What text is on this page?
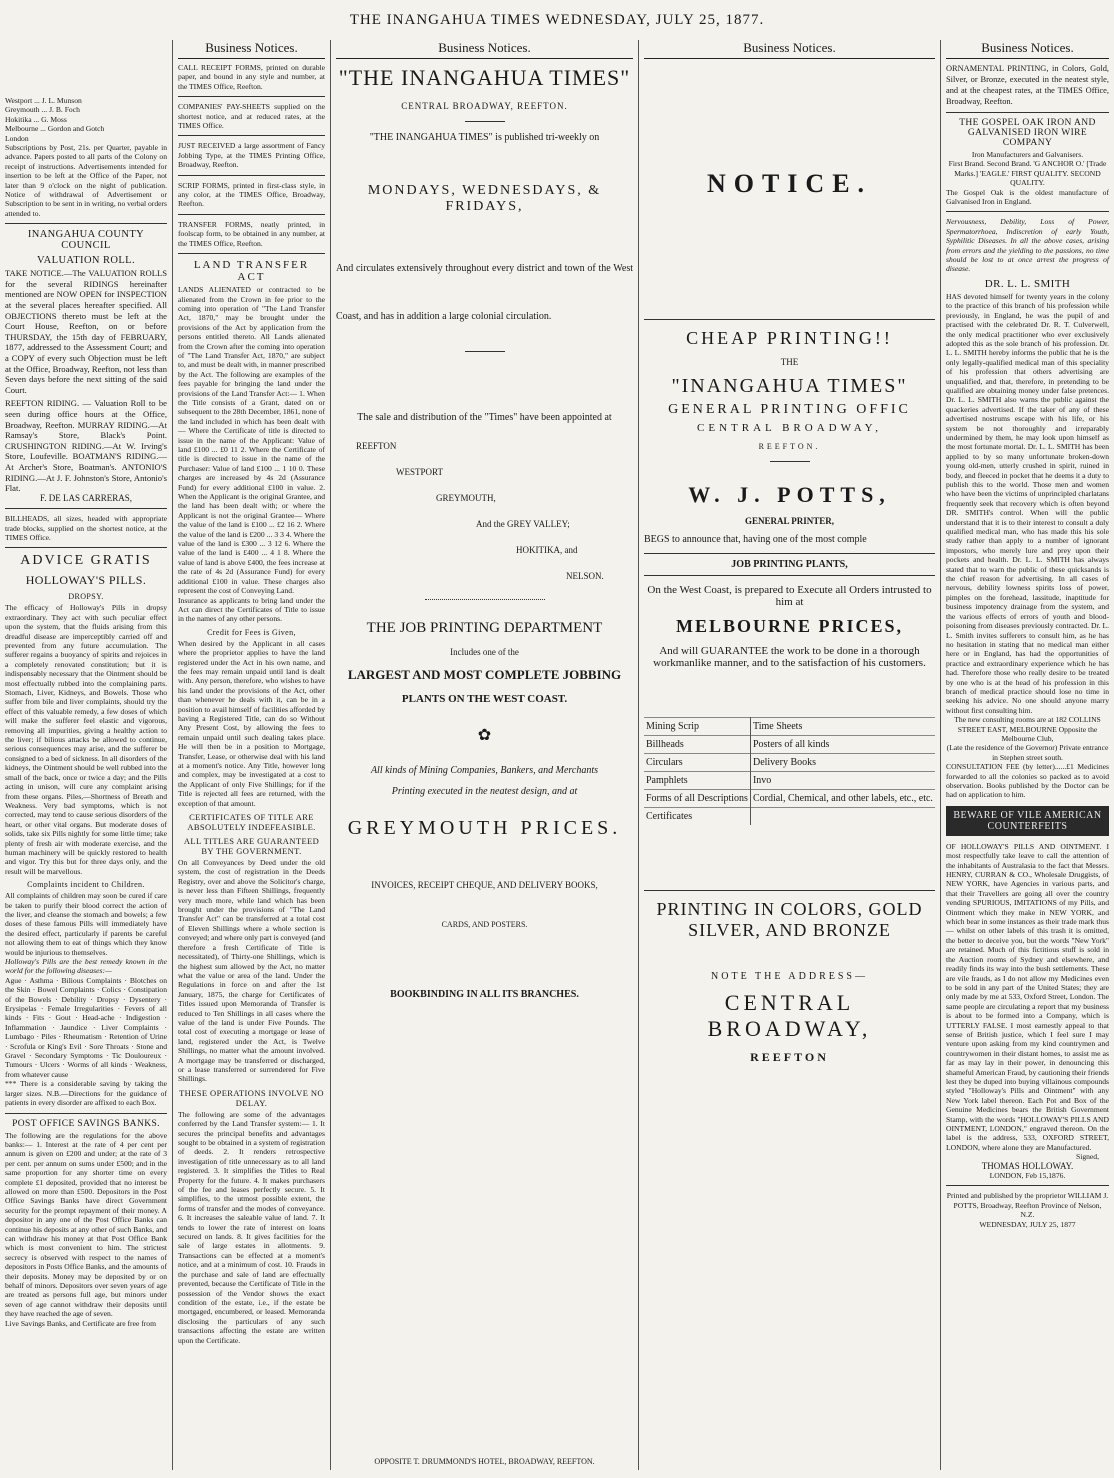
THE INANGAHUA TIMES WEDNESDAY, JULY 25, 1877.
Westport ... J. L. Munson
Greymouth ... J. B. Foch
Hokitika ... G. Moss
Melbourne ... Gordon and Gotch
London
Subscriptions by Post, 21s. per Quarter, payable in advance. Papers posted to all parts of the Colony on receipt of instructions. Advertisements intended for insertion to be left at the Office of the Paper, not later than 9 o'clock on the night of publication. Notice of withdrawal of Advertisement or Subscription to be sent in in writing, no verbal orders attended to.
INANGAHUA COUNTY COUNCIL
VALUATION ROLL.
TAKE NOTICE.—The VALUATION ROLLS for the several RIDINGS hereinafter mentioned are NOW OPEN for INSPECTION at the several places hereafter specified. All OBJECTIONS thereto must be left at the Court House, Reefton, on or before THURSDAY, the 15th day of FEBRUARY, 1877, addressed to the Assessment Court; and a COPY of every such Objection must be left at the Office, Broadway, Reefton, not less than Seven days before the next sitting of the said Court.
REEFTON RIDING. — Valuation Roll to be seen during office hours at the Office, Broadway, Reefton. MURRAY RIDING.—At Ramsay's Store, Black's Point. CRUSHINGTON RIDING.—At W. Irving's Store, Loufeville. BOATMAN'S RIDING.—At Archer's Store, Boatman's. ANTONIO'S RIDING.—At J. F. Johnston's Store, Antonio's Flat.
F. DE LAS CARRERAS,
BILLHEADS, all sizes, headed with appropriate trade blocks, supplied on the shortest notice, at the TIMES Office.
ADVICE GRATIS
HOLLOWAY'S PILLS.
DROPSY.
The efficacy of Holloway's Pills in dropsy extraordinary. They act with such peculiar effect upon the system, that the fluids arising from this dreadful disease are imperceptibly carried off and prevented from any future accumulation. The sufferer regains a buoyancy of spirits and rejoices in a completely renovated constitution; but it is indispensably necessary that the Ointment should be most effectually rubbed into the complaining parts. Stomach, Liver, Kidneys, and Bowels. Those who suffer from bile and liver complaints, should try the effect of this valuable remedy, a few doses of which will make the sufferer feel elastic and vigorous, removing all impurities, giving a healthy action to the liver; if bilious attacks be allowed to continue, serious consequences may arise, and the sufferer be consigned to a bed of sickness. In all disorders of the kidneys, the Ointment should be well rubbed into the small of the back, once or twice a day; and the Pills acting in unison, will cure any complaint arising from these organs. Piles,—Shortness of Breath and Weakness. Very bad symptoms, which is not corrected, may tend to cause serious disorders of the heart, or other vital organs. But moderate doses of solids, take six Pills nightly for some little time; take plenty of fresh air with moderate exercise, and the human machinery will be quickly restored to health and vigor. Try this but for three days only, and the result will be marvellous.
Complaints incident to Children.
All complaints of children may soon be cured if care be taken to purify their blood correct the action of the liver, and cleanse the stomach and bowels; a few doses of these famous Pills will immediately have the desired effect, particularly if parents be careful not allowing them to eat of things which they know would be injurious to themselves.
Holloway's Pills are the best remedy known in the world for the following diseases:—
Ague · Asthma · Bilious Complaints · Blotches on the Skin · Bowel Complaints · Colics · Constipation of the Bowels · Debility · Dropsy · Dysentery · Erysipelas · Female Irregularities · Fevers of all kinds · Fits · Gout · Head-ache · Indigestion · Inflammation · Jaundice · Liver Complaints · Lumbago · Piles · Rheumatism · Retention of Urine · Scrofula or King's Evil · Sore Throats · Stone and Gravel · Secondary Symptoms · Tic Douloureux · Tumours · Ulcers · Worms of all kinds · Weakness, from whatever cause
*** There is a considerable saving by taking the larger sizes. N.B.—Directions for the guidance of patients in every disorder are affixed to each Box.
POST OFFICE SAVINGS BANKS.
The following are the regulations for the above banks:— 1. Interest at the rate of 4 per cent per annum is given on £200 and under; at the rate of 3 per cent. per annum on sums under £500; and in the same proportion for any shorter time on every complete £1 deposited, provided that no interest be allowed on more than £500. Depositors in the Post Office Savings Banks have direct Government security for the prompt repayment of their money. A depositor in any one of the Post Office Banks can continue his deposits at any other of such Banks, and can withdraw his money at that Post Office Bank which is most convenient to him. The strictest secrecy is observed with respect to the names of depositors in Posts Office Banks, and the amounts of their deposits. Money may be deposited by or on behalf of minors. Depositors over seven years of age are treated as persons full age, but minors under seven of age cannot withdraw their deposits until they have reached the age of seven.
Live Savings Banks, and Certificate are free from
Business Notices.
CALL RECEIPT FORMS, printed on durable paper, and bound in any style and number, at the TIMES Office, Reefton.
COMPANIES' PAY-SHEETS supplied on the shortest notice, and at reduced rates, at the TIMES Office.
JUST RECEIVED a large assortment of Fancy Jobbing Type, at the TIMES Printing Office, Broadway, Reefton.
SCRIP FORMS, printed in first-class style, in any color, at the TIMES Office, Broadway, Reefton.
TRANSFER FORMS, neatly printed, in foolscap form, to be obtained in any number, at the TIMES Office, Reefton.
LAND TRANSFER ACT
LANDS ALIENATED or contracted to be alienated from the Crown in fee prior to the coming into operation of "The Land Transfer Act, 1870," may be brought under the provisions of the Act by application from the persons entitled thereto. All Lands alienated from the Crown after the coming into operation of "The Land Transfer Act, 1870," are subject to, and must be dealt with, in manner prescribed by the Act. The following are examples of the fees payable for bringing the land under the provisions of the Land Transfer Act:— 1. When the Title consists of a Grant, dated on or subsequent to the 28th December, 1861, none of the land included in which has been dealt with— Where the Certificate of title is directed to issue in the name of the Applicant: Value of land £100 ... £0 11 2. Where the Certificate of title is directed to issue in the name of the Purchaser: Value of land £100 ... 1 10 0. These charges are increased by 4s 2d (Assurance Fund) for every additional £100 in value. 2. When the Applicant is the original Grantee, and the land has been dealt with; or where the Applicant is not the original Grantee— Where the value of the land is £100 ... £2 16 2. Where the value of the land is £200 ... 3 3 4. Where the value of the land is £300 ... 3 12 6. Where the value of the land is £400 ... 4 1 8. Where the value of land is above £400, the fees increase at the rate of 4s 2d (Assurance Fund) for every additional £100 in value. These charges also represent the cost of Conveying Land.
Insurance as applicants to bring land under the Act can direct the Certificates of Title to issue in the names of any other persons.
Credit for Fees is Given,
When desired by the Applicant in all cases where the proprietor applies to have the land registered under the Act in his own name, and the fees may remain unpaid until land is dealt with. Any person, therefore, who wishes to have his land under the provisions of the Act, other than whenever he deals with it, can be in a position to avail himself of facilities afforded by having a Registered Title, can do so Without Any Present Cost, by allowing the fees to remain unpaid until such dealing takes place. He will then be in a position to Mortgage, Transfer, Lease, or otherwise deal with his land at a moment's notice. Any Title, however long and complex, may be investigated at a cost to the Applicant of only Five Shillings; for if the Title is rejected all fees are returned, with the exception of that amount.
CERTIFICATES OF TITLE ARE ABSOLUTELY INDEFEASIBLE.
ALL TITLES ARE GUARANTEED BY THE GOVERNMENT.
On all Conveyances by Deed under the old system, the cost of registration in the Deeds Registry, over and above the Solicitor's charge, is never less than Fifteen Shillings, frequently very much more, while land which has been brought under the provisions of "The Land Transfer Act" can be transferred at a total cost of Eleven Shillings where a whole section is conveyed; and where only part is conveyed (and therefore a fresh Certificate of Title is necessitated), of Thirty-one Shillings, which is the highest sum allowed by the Act, no matter what the value or area of the land. Under the Regulations in force on and after the 1st January, 1875, the charge for Certificates of Titles issued upon Memoranda of Transfer is reduced to Ten Shillings in all cases where the value of the land is under Five Pounds. The total cost of executing a mortgage or lease of land, registered under the Act, is Twelve Shillings, no matter what the amount involved. A mortgage may be transferred or discharged, or a lease transferred or surrendered for Five Shillings.
THESE OPERATIONS INVOLVE NO DELAY.
The following are some of the advantages conferred by the Land Transfer system:— 1. It secures the principal benefits and advantages sought to be obtained in a system of registration of deeds. 2. It renders retrospective investigation of title unnecessary as to all land registered. 3. It simplifies the Titles to Real Property for the future. 4. It makes purchasers of the fee and leases perfectly secure. 5. It simplifies, to the utmost possible extent, the forms of transfer and the modes of conveyance. 6. It increases the saleable value of land. 7. It tends to lower the rate of interest on loans secured on lands. 8. It gives facilities for the sale of large estates in allotments. 9. Transactions can be effected at a moment's notice, and at a minimum of cost. 10. Frauds in the purchase and sale of land are effectually prevented, because the Certificate of Title in the possession of the Vendor shows the exact condition of the estate, i.e., if the estate be mortgaged, encumbered, or leased. Memoranda disclosing the particulars of any such transactions affecting the estate are written upon the Certificate.
Business Notices.
"THE INANGAHUA TIMES"
CENTRAL BROADWAY, REEFTON.
"THE INANGAHUA TIMES" is published tri-weekly on
MONDAYS, WEDNESDAYS, & FRIDAYS,
And circulates extensively throughout every district and town of the West Coast, and has in addition a large colonial circulation.
The sale and distribution of the "Times" have been appointed at
REEFTON
WESTPORT
GREYMOUTH,
And the GREY VALLEY;
HOKITIKA, and
NELSON.
THE JOB PRINTING DEPARTMENT
Includes one of the
LARGEST AND MOST COMPLETE JOBBING
PLANTS ON THE WEST COAST.
✿
All kinds of Mining Companies, Bankers, and Merchants
Printing executed in the neatest design, and at
GREYMOUTH PRICES.
INVOICES, RECEIPT CHEQUE, AND DELIVERY BOOKS,
CARDS, AND POSTERS.
BOOKBINDING IN ALL ITS BRANCHES.
OPPOSITE T. DRUMMOND'S HOTEL, BROADWAY, REEFTON.
Business Notices.
NOTICE.
CHEAP PRINTING!!
THE
"INANGAHUA TIMES"
GENERAL PRINTING OFFIC
CENTRAL BROADWAY,
REEFTON.
W. J. POTTS,
GENERAL PRINTER,
BEGS to announce that, having one of the most comple
JOB PRINTING PLANTS,
On the West Coast, is prepared to Execute all Orders intrusted to him at
MELBOURNE PRICES,
And will GUARANTEE the work to be done in a thorough workmanlike manner, and to the satisfaction of his customers.
Mining Scrip	Time Sheets
Billheads	Posters of all kinds
Circulars	Delivery Books
Pamphlets	Invo
Forms of all Descriptions	Cordial, Chemical, and other labels, etc., etc.
Certificates	
PRINTING IN COLORS, GOLD SILVER, AND BRONZE
NOTE THE ADDRESS—
CENTRAL BROADWAY,
REEFTON
Business Notices.
ORNAMENTAL PRINTING, in Colors, Gold, Silver, or Bronze, executed in the neatest style, and at the cheapest rates, at the TIMES Office, Broadway, Reefton.
THE GOSPEL OAK IRON AND GALVANISED IRON WIRE COMPANY
Iron Manufacturers and Galvanisers.
First Brand. Second Brand. 'G ANCHOR O.' [Trade Marks.] 'EAGLE.' FIRST QUALITY. SECOND QUALITY.
The Gospel Oak is the oldest manufacture of Galvanised Iron in England.
Nervousness, Debility, Loss of Power, Spermatorrhoea, Indiscretion of early Youth, Syphilitic Diseases. In all the above cases, arising from errors and the yielding to the passions, no time should be lost to at once arrest the progress of disease.
DR. L. L. SMITH
HAS devoted himself for twenty years in the colony to the practice of this branch of his profession while previously, in England, he was the pupil of and practised with the celebrated Dr. R. T. Culverwell, the only medical practitioner who ever exclusively adopted this as the sole branch of his profession. Dr. L. L. SMITH hereby informs the public that he is the only legally-qualified medical man of this speciality of his profession that others advertising are unqualified, and that, therefore, in pretending to be qualified are obtaining money under false pretences. Dr. L. L. SMITH also warns the public against the quackeries advertised. If the taker of any of these advertised nostrums escape with his life, or his system be not thoroughly and irreparably undermined by them, he may look upon himself as the most fortunate mortal. Dr. L. L. SMITH has been applied to by so many unfortunate broken-down young old-men, utterly crushed in spirit, ruined in body, and fleeced in pocket that he deems it a duty to publish this to the world. Those men and women who have been the victims of unprincipled charlatans frequently seek that recovery which is often beyond DR. SMITH's control. When will the public understand that it is to their interest to consult a duly qualified medical man, who has made this his sole study rather than apply to a number of ignorant impostors, who merely lure and prey upon their pockets and health. Dr. L. L. SMITH has always stated that to warn the public of these quicksands is the chief reason for advertising. In all cases of nervous, debility lowness spirits loss of power, pimples on the forehead, lassitude, inaptitude for business impotency drainage from the system, and the various effects of errors of youth and blood-poisoning from diseases previously contracted. Dr. L. L. Smith invites sufferers to consult him, as he has no hesitation in stating that no medical man either here or in England, has had the opportunities of practice and extraordinary experience which he has had. Therefore those who really desire to be treated by one who is at the head of his profession in this branch of medical practice should lose no time in seeking his advice. No one should anyone marry without first consulting him.
The new consulting rooms are at 182 COLLINS STREET EAST, MELBOURNE Opposite the Melbourne Club,
(Late the residence of the Governor) Private entrance in Stephen street south.
CONSULTATION FEE (by letter)......£1 Medicines forwarded to all the colonies so packed as to avoid observation. Books published by the Doctor can be had on application to him.
BEWARE OF VILE AMERICAN COUNTERFEITS
OF HOLLOWAY'S PILLS AND OINTMENT. I most respectfully take leave to call the attention of the inhabitants of Australasia to the fact that Messrs. HENRY, CURRAN & CO., Wholesale Druggists, of NEW YORK, have Agencies in various parts, and that their Travellers are going all over the country vending SPURIOUS, IMITATIONS of my Pills, and Ointment which they make in NEW YORK, and which bear in some instances as their trade mark thus— whilst on other labels of this trash it is omitted, the better to deceive you, but the words "New York" are retained. Much of this fictitious stuff is sold in the Auction rooms of Sydney and elsewhere, and readily finds its way into the bush settlements. These are vile frauds, as I do not allow my Medicines even to be sold in any part of the United States; they are only made by me at 533, Oxford Street, London. The same people are circulating a report that my business is about to be formed into a Company, which is UTTERLY FALSE. I most earnestly appeal to that sense of British justice, which I feel sure I may venture upon asking from my kind countrymen and countrywomen in their distant homes, to assist me as far as may lay in their power, in denouncing this shameful American Fraud, by cautioning their friends lest they be duped into buying villainous compounds styled "Holloway's Pills and Ointment" with any New York label thereon. Each Pot and Box of the Genuine Medicines bears the British Government Stamp, with the words "HOLLOWAY'S PILLS AND OINTMENT, LONDON," engraved thereon. On the label is the address, 533, OXFORD STREET, LONDON, where alone they are Manufactured.
Signed,
THOMAS HOLLOWAY.
LONDON, Feb 15,1876.
Printed and published by the proprietor WILLIAM J. POTTS, Broadway, Reefton Province of Nelson, N.Z.
WEDNESDAY, JULY 25, 1877
